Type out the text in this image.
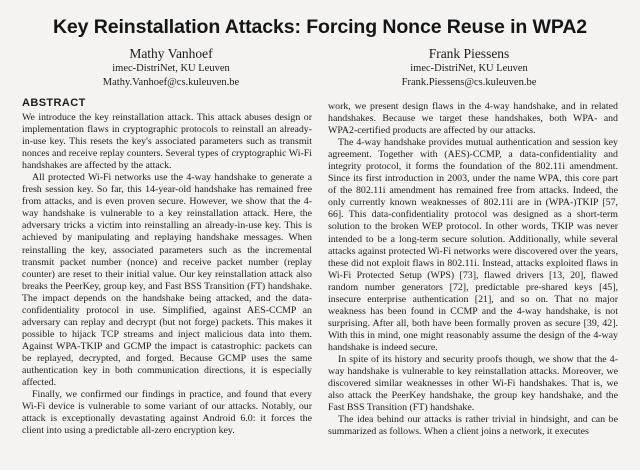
Key Reinstallation Attacks: Forcing Nonce Reuse in WPA2
Mathy Vanhoef
imec-DistriNet, KU Leuven
Mathy.Vanhoef@cs.kuleuven.be
Frank Piessens
imec-DistriNet, KU Leuven
Frank.Piessens@cs.kuleuven.be
ABSTRACT

We introduce the key reinstallation attack. This attack abuses design or implementation flaws in cryptographic protocols to reinstall an already-in-use key. This resets the key's associated parameters such as transmit nonces and receive replay counters. Several types of cryptographic Wi-Fi handshakes are affected by the attack.

All protected Wi-Fi networks use the 4-way handshake to generate a fresh session key. So far, this 14-year-old handshake has remained free from attacks, and is even proven secure. However, we show that the 4-way handshake is vulnerable to a key reinstallation attack. Here, the adversary tricks a victim into reinstalling an already-in-use key. This is achieved by manipulating and replaying handshake messages. When reinstalling the key, associated parameters such as the incremental transmit packet number (nonce) and receive packet number (replay counter) are reset to their initial value. Our key reinstallation attack also breaks the PeerKey, group key, and Fast BSS Transition (FT) handshake. The impact depends on the handshake being attacked, and the data-confidentiality protocol in use. Simplified, against AES-CCMP an adversary can replay and decrypt (but not forge) packets. This makes it possible to hijack TCP streams and inject malicious data into them. Against WPA-TKIP and GCMP the impact is catastrophic: packets can be replayed, decrypted, and forged. Because GCMP uses the same authentication key in both communication directions, it is especially affected.

Finally, we confirmed our findings in practice, and found that every Wi-Fi device is vulnerable to some variant of our attacks. Notably, our attack is exceptionally devastating against Android 6.0: it forces the client into using a predictable all-zero encryption key.

work, we present design flaws in the 4-way handshake, and in related handshakes. Because we target these handshakes, both WPA- and WPA2-certified products are affected by our attacks.

The 4-way handshake provides mutual authentication and session key agreement. Together with (AES)-CCMP, a data-confidentiality and integrity protocol, it forms the foundation of the 802.11i amendment. Since its first introduction in 2003, under the name WPA, this core part of the 802.11i amendment has remained free from attacks. Indeed, the only currently known weaknesses of 802.11i are in (WPA-)TKIP [57, 66]. This data-confidentiality protocol was designed as a short-term solution to the broken WEP protocol. In other words, TKIP was never intended to be a long-term secure solution. Additionally, while several attacks against protected Wi-Fi networks were discovered over the years, these did not exploit flaws in 802.11i. Instead, attacks exploited flaws in Wi-Fi Protected Setup (WPS) [73], flawed drivers [13, 20], flawed random number generators [72], predictable pre-shared keys [45], insecure enterprise authentication [21], and so on. That no major weakness has been found in CCMP and the 4-way handshake, is not surprising. After all, both have been formally proven as secure [39, 42]. With this in mind, one might reasonably assume the design of the 4-way handshake is indeed secure.

In spite of its history and security proofs though, we show that the 4-way handshake is vulnerable to key reinstallation attacks. Moreover, we discovered similar weaknesses in other Wi-Fi handshakes. That is, we also attack the PeerKey handshake, the group key handshake, and the Fast BSS Transition (FT) handshake.

The idea behind our attacks is rather trivial in hindsight, and can be summarized as follows. When a client joins a network, it executes
